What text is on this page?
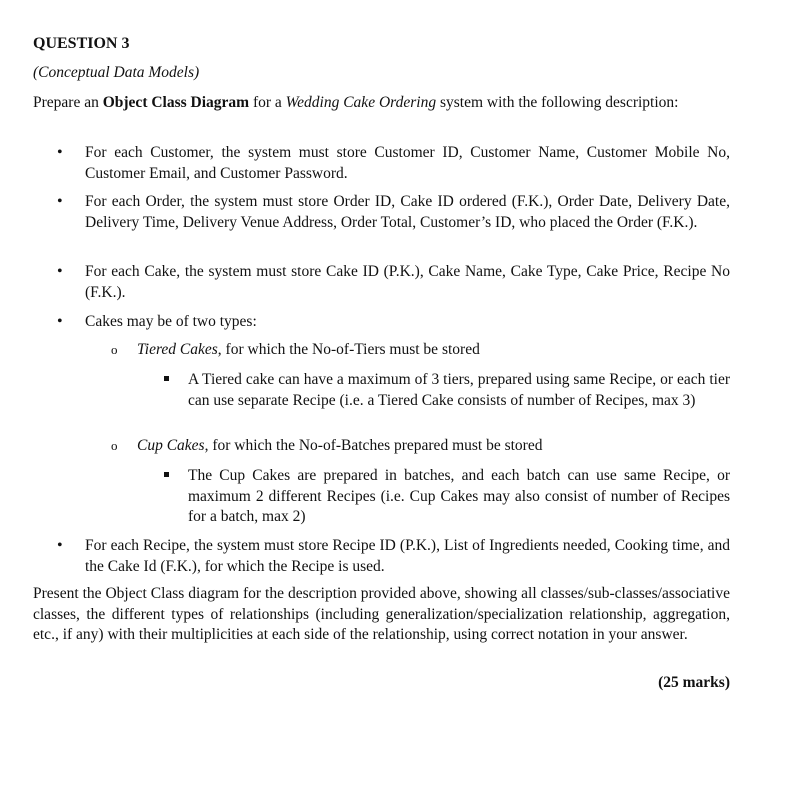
QUESTION 3
(Conceptual Data Models)
Prepare an Object Class Diagram for a Wedding Cake Ordering system with the following description:
• For each Customer, the system must store Customer ID, Customer Name, Customer Mobile No, Customer Email, and Customer Password.
• For each Order, the system must store Order ID, Cake ID ordered (F.K.), Order Date, Delivery Date, Delivery Time, Delivery Venue Address, Order Total, Customer’s ID, who placed the Order (F.K.).
• For each Cake, the system must store Cake ID (P.K.), Cake Name, Cake Type, Cake Price, Recipe No (F.K.).
• Cakes may be of two types:
o Tiered Cakes, for which the No-of-Tiers must be stored
A Tiered cake can have a maximum of 3 tiers, prepared using same Recipe, or each tier can use separate Recipe (i.e. a Tiered Cake consists of number of Recipes, max 3)
o Cup Cakes, for which the No-of-Batches prepared must be stored
The Cup Cakes are prepared in batches, and each batch can use same Recipe, or maximum 2 different Recipes (i.e. Cup Cakes may also consist of number of Recipes for a batch, max 2)
• For each Recipe, the system must store Recipe ID (P.K.), List of Ingredients needed, Cooking time, and the Cake Id (F.K.), for which the Recipe is used.
Present the Object Class diagram for the description provided above, showing all classes/sub-classes/associative classes, the different types of relationships (including generalization/specialization relationship, aggregation, etc., if any) with their multiplicities at each side of the relationship, using correct notation in your answer.
(25 marks)
